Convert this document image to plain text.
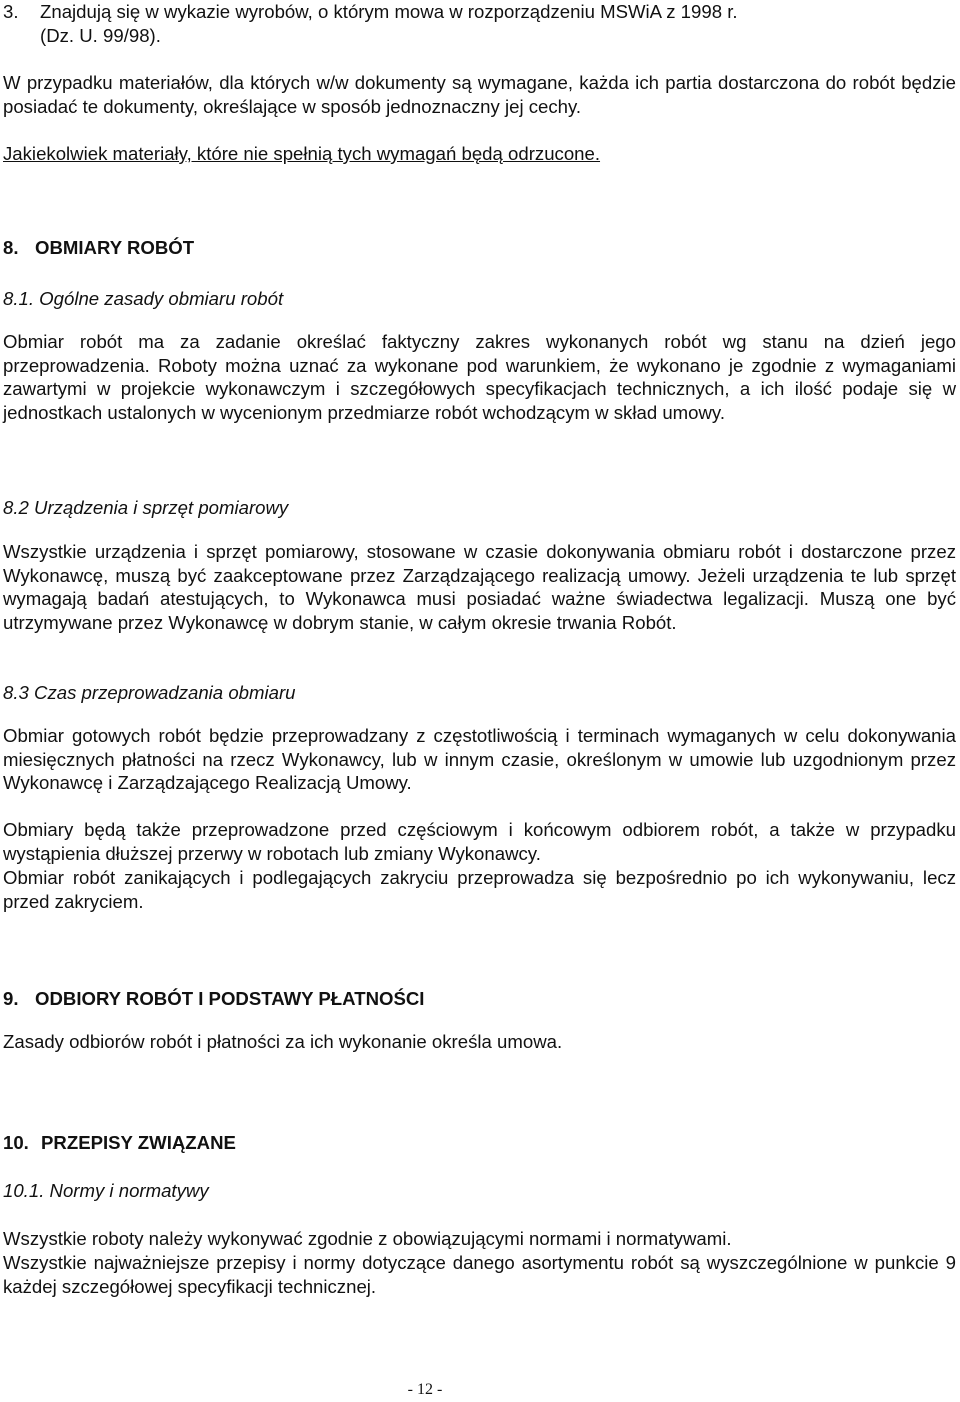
3. Znajdują się w wykazie wyrobów, o którym mowa w rozporządzeniu MSWiA z 1998 r.
(Dz. U. 99/98).

W przypadku materiałów, dla których w/w dokumenty są wymagane, każda ich partia dostarczona do robót będzie posiadać te dokumenty, określające w sposób jednoznaczny jej cechy.

Jakiekolwiek materiały, które nie spełnią tych wymagań będą odrzucone.

8. OBMIARY ROBÓT

8.1. Ogólne zasady obmiaru robót

Obmiar robót ma za zadanie określać faktyczny zakres wykonanych robót wg stanu na dzień jego przeprowadzenia. Roboty można uznać za wykonane pod warunkiem, że wykonano je zgodnie z wymaganiami zawartymi w projekcie wykonawczym i szczegółowych specyfikacjach technicznych, a ich ilość podaje się w jednostkach ustalonych w wycenionym przedmiarze robót wchodzącym w skład umowy.

8.2 Urządzenia i sprzęt pomiarowy

Wszystkie urządzenia i sprzęt pomiarowy, stosowane w czasie dokonywania obmiaru robót i dostarczone przez Wykonawcę, muszą być zaakceptowane przez Zarządzającego realizacją umowy. Jeżeli urządzenia te lub sprzęt wymagają badań atestujących, to Wykonawca musi posiadać ważne świadectwa legalizacji. Muszą one być utrzymywane przez Wykonawcę w dobrym stanie, w całym okresie trwania Robót.

8.3 Czas przeprowadzania obmiaru

Obmiar gotowych robót będzie przeprowadzany z częstotliwością i terminach wymaganych w celu dokonywania miesięcznych płatności na rzecz Wykonawcy, lub w innym czasie, określonym w umowie lub uzgodnionym przez Wykonawcę i Zarządzającego Realizacją Umowy.

Obmiary będą także przeprowadzone przed częściowym i końcowym odbiorem robót, a także w przypadku wystąpienia dłuższej przerwy w robotach lub zmiany Wykonawcy.

Obmiar robót zanikających i podlegających zakryciu przeprowadza się bezpośrednio po ich wykonywaniu, lecz przed zakryciem.

9. ODBIORY ROBÓT I PODSTAWY PŁATNOŚCI

Zasady odbiorów robót i płatności za ich wykonanie określa umowa.

10. PRZEPISY ZWIĄZANE

10.1. Normy i normatywy

Wszystkie roboty należy wykonywać zgodnie z obowiązującymi normami i normatywami.

Wszystkie najważniejsze przepisy i normy dotyczące danego asortymentu robót są wyszczególnione w punkcie 9 każdej szczegółowej specyfikacji technicznej.

- 12 -
